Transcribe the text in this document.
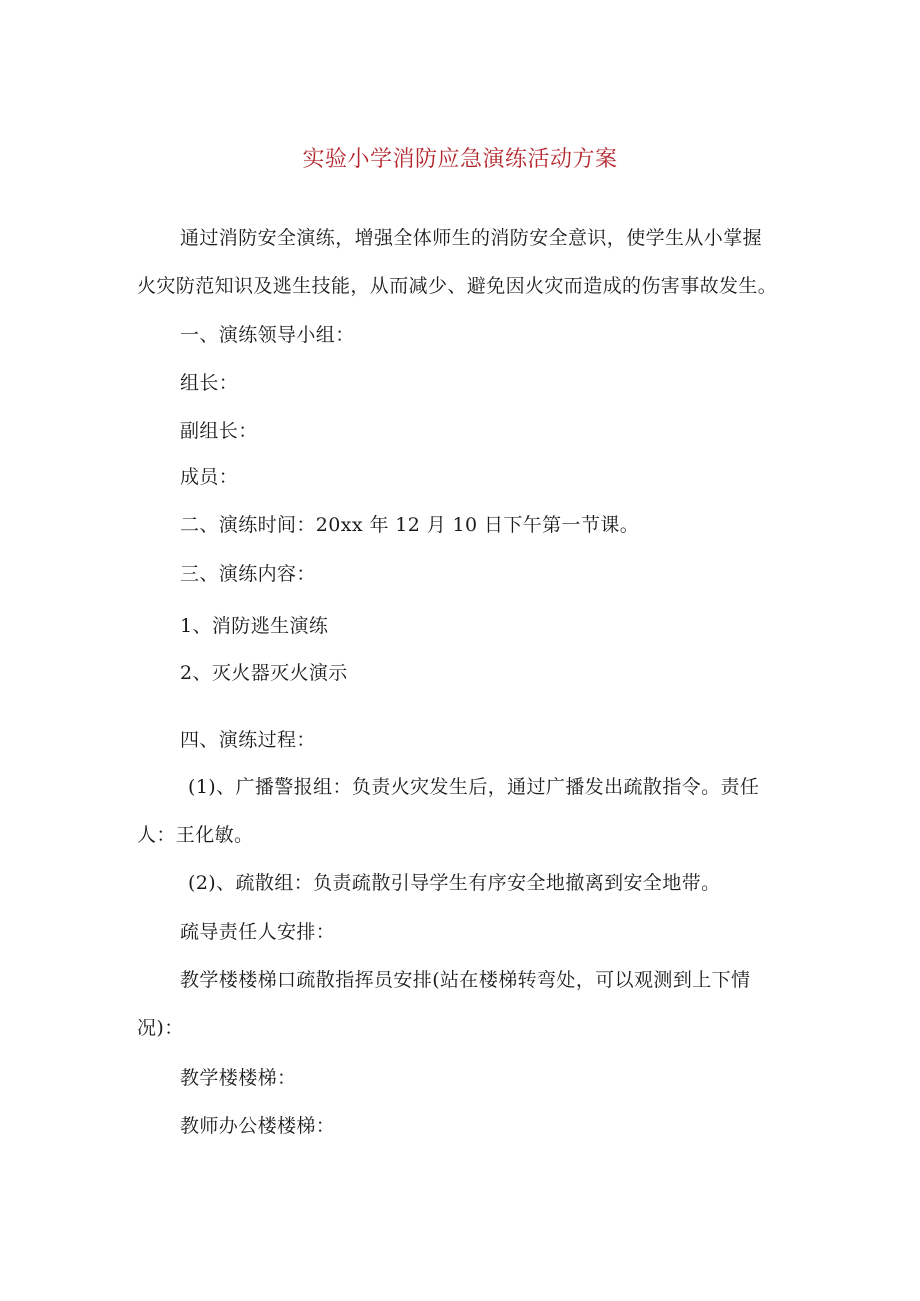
实验小学消防应急演练活动方案
通过消防安全演练，增强全体师生的消防安全意识，使学生从小掌握
火灾防范知识及逃生技能，从而减少、避免因火灾而造成的伤害事故发生。
一、演练领导小组：
组长：
副组长：
成员：
二、演练时间：20xx 年 12 月 10 日下午第一节课。
三、演练内容：
1、消防逃生演练
2、灭火器灭火演示
四、演练过程：
(1)、广播警报组：负责火灾发生后，通过广播发出疏散指令。责任
人：王化敏。
(2)、疏散组：负责疏散引导学生有序安全地撤离到安全地带。
疏导责任人安排：
教学楼楼梯口疏散指挥员安排(站在楼梯转弯处，可以观测到上下情
况)：
教学楼楼梯：
教师办公楼楼梯：
